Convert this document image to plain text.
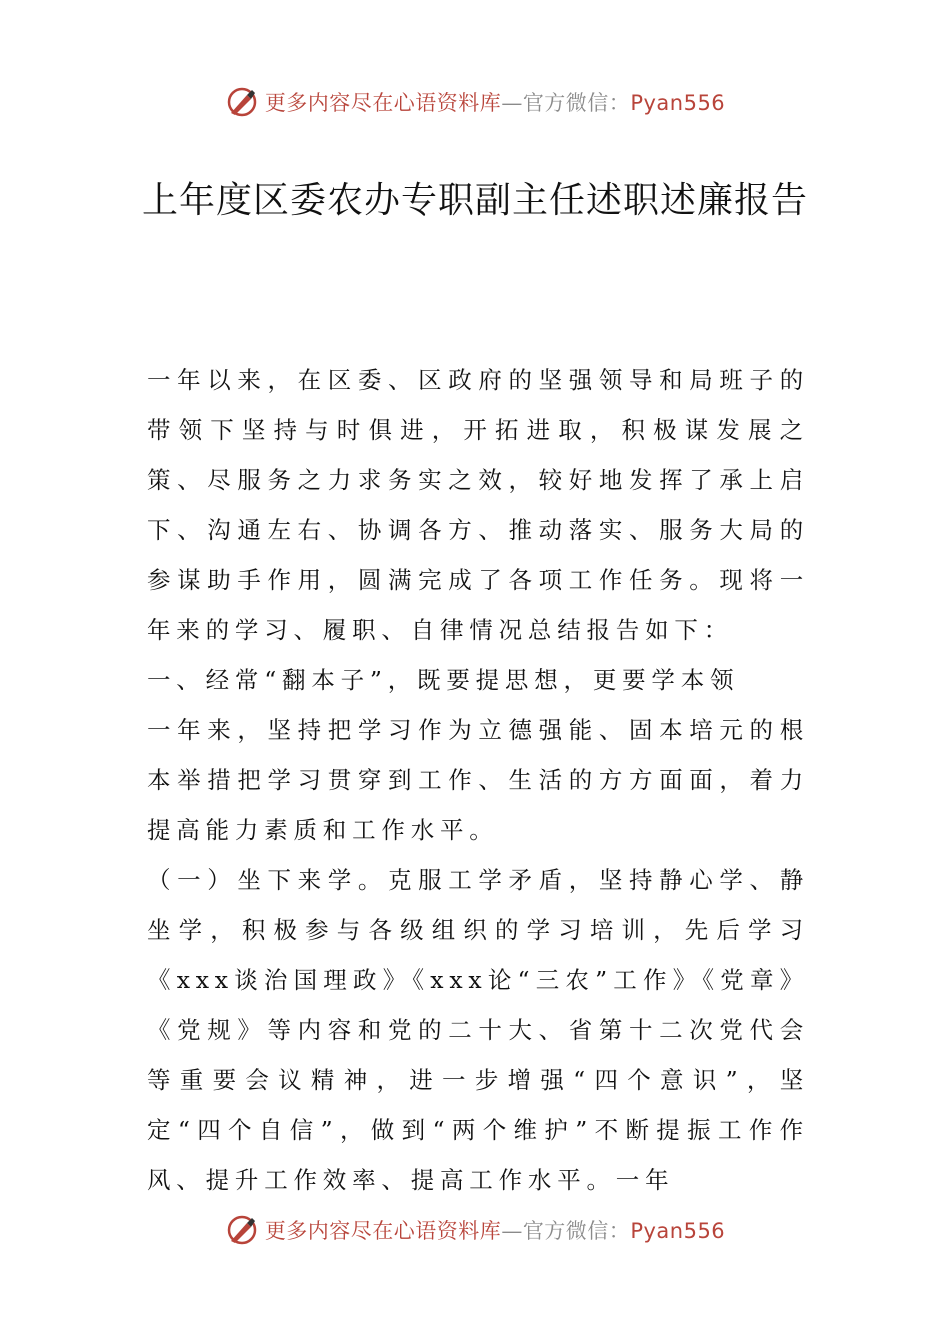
更多内容尽在心语资料库—官方微信：Pyan556
上年度区委农办专职副主任述职述廉报告

一年以来，在区委、区政府的坚强领导和局班子的带领下坚持与时俱进，开拓进取，积极谋发展之策、尽服务之力求务实之效，较好地发挥了承上启下、沟通左右、协调各方、推动落实、服务大局的参谋助手作用，圆满完成了各项工作任务。现将一年来的学习、履职、自律情况总结报告如下：

一、经常“翻本子”，既要提思想，更要学本领

一年来，坚持把学习作为立德强能、固本培元的根本举措把学习贯穿到工作、生活的方方面面，着力提高能力素质和工作水平。

（一）坐下来学。克服工学矛盾，坚持静心学、静坐学，积极参与各级组织的学习培训，先后学习《xxx谈治国理政》《xxx论“三农”工作》《党章》《党规》等内容和党的二十大、省第十二次党代会等重要会议精神，进一步增强“四个意识”，坚定“四个自信”，做到“两个维护”不断提振工作作风、提升工作效率、提高工作水平。一年

更多内容尽在心语资料库—官方微信：Pyan556
